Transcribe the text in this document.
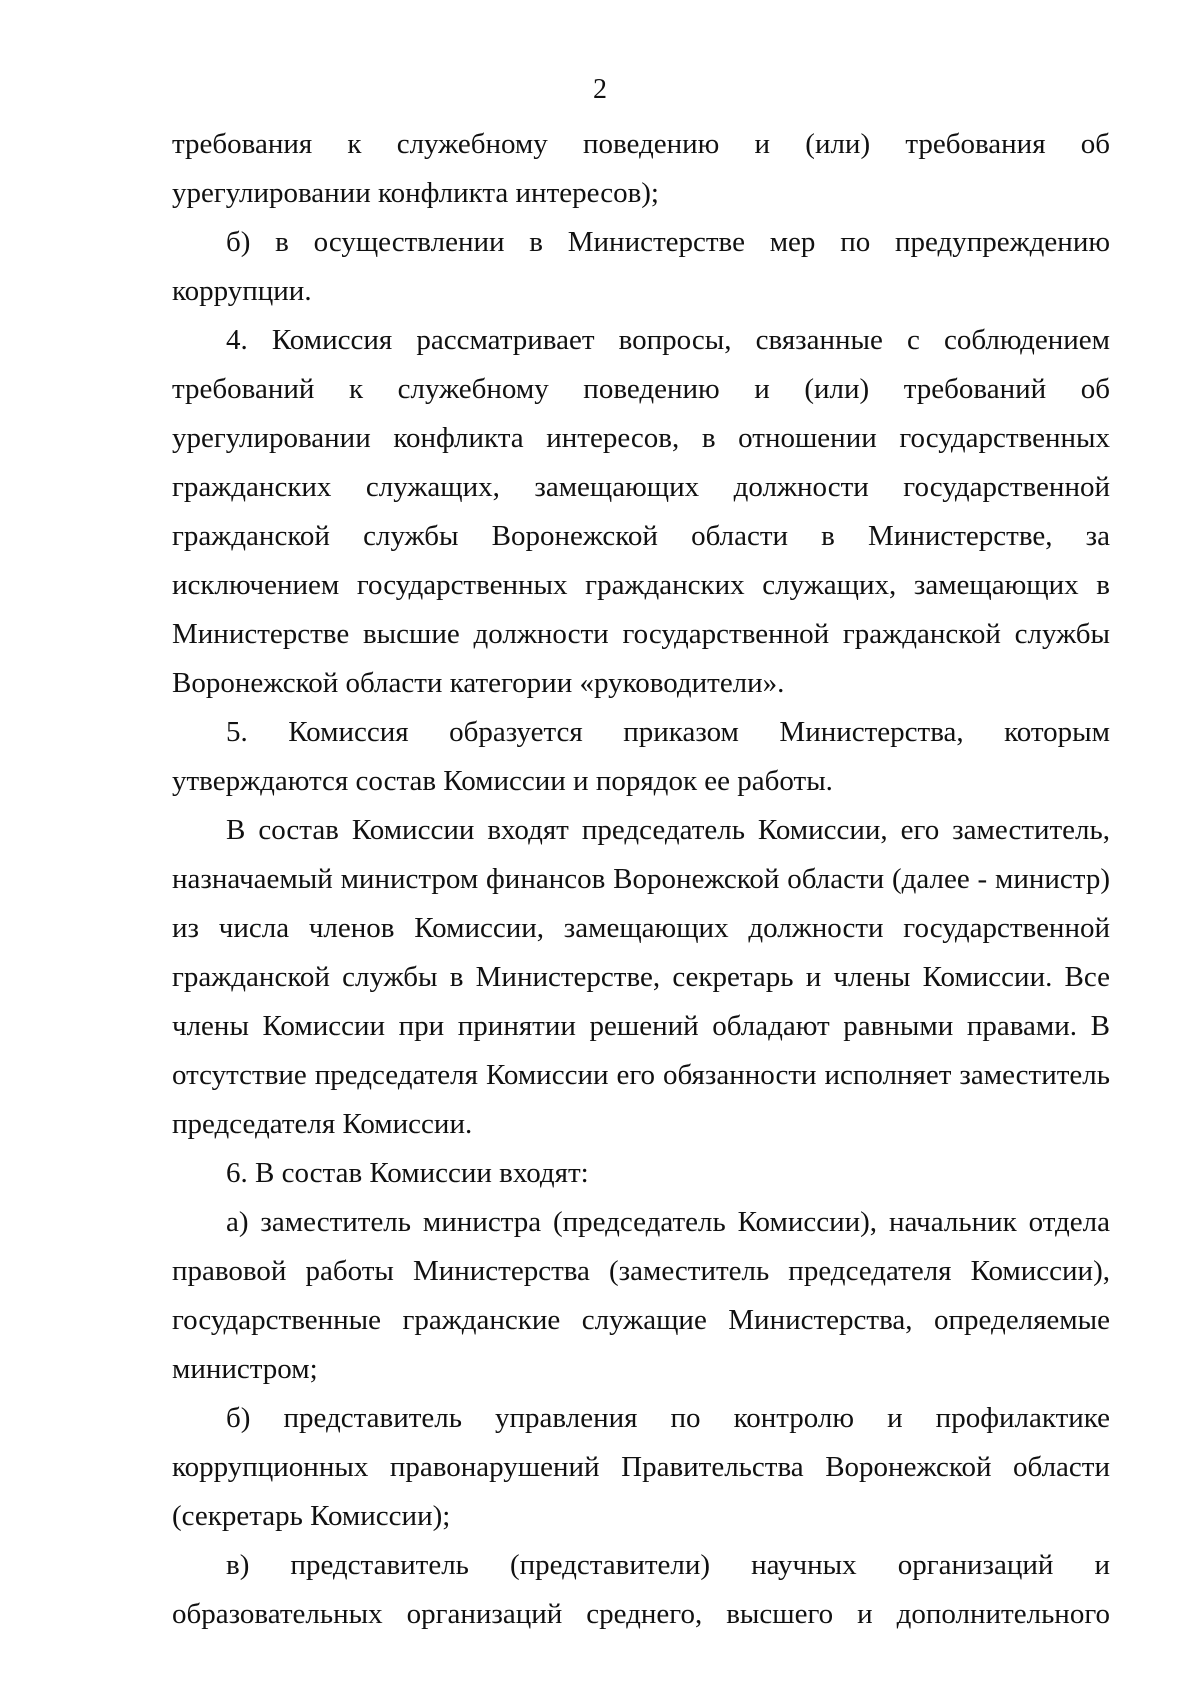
2

требования к служебному поведению и (или) требования об урегулировании конфликта интересов);

б) в осуществлении в Министерстве мер по предупреждению коррупции.

4. Комиссия рассматривает вопросы, связанные с соблюдением требований к служебному поведению и (или) требований об урегулировании конфликта интересов, в отношении государственных гражданских служащих, замещающих должности государственной гражданской службы Воронежской области в Министерстве, за исключением государственных гражданских служащих, замещающих в Министерстве высшие должности государственной гражданской службы Воронежской области категории «руководители».

5. Комиссия образуется приказом Министерства, которым утверждаются состав Комиссии и порядок ее работы.

В состав Комиссии входят председатель Комиссии, его заместитель, назначаемый министром финансов Воронежской области (далее - министр) из числа членов Комиссии, замещающих должности государственной гражданской службы в Министерстве, секретарь и члены Комиссии. Все члены Комиссии при принятии решений обладают равными правами. В отсутствие председателя Комиссии его обязанности исполняет заместитель председателя Комиссии.

6. В состав Комиссии входят:

а) заместитель министра (председатель Комиссии), начальник отдела правовой работы Министерства (заместитель председателя Комиссии), государственные гражданские служащие Министерства, определяемые министром;

б) представитель управления по контролю и профилактике коррупционных правонарушений Правительства Воронежской области (секретарь Комиссии);

в) представитель (представители) научных организаций и образовательных организаций среднего, высшего и дополнительного
